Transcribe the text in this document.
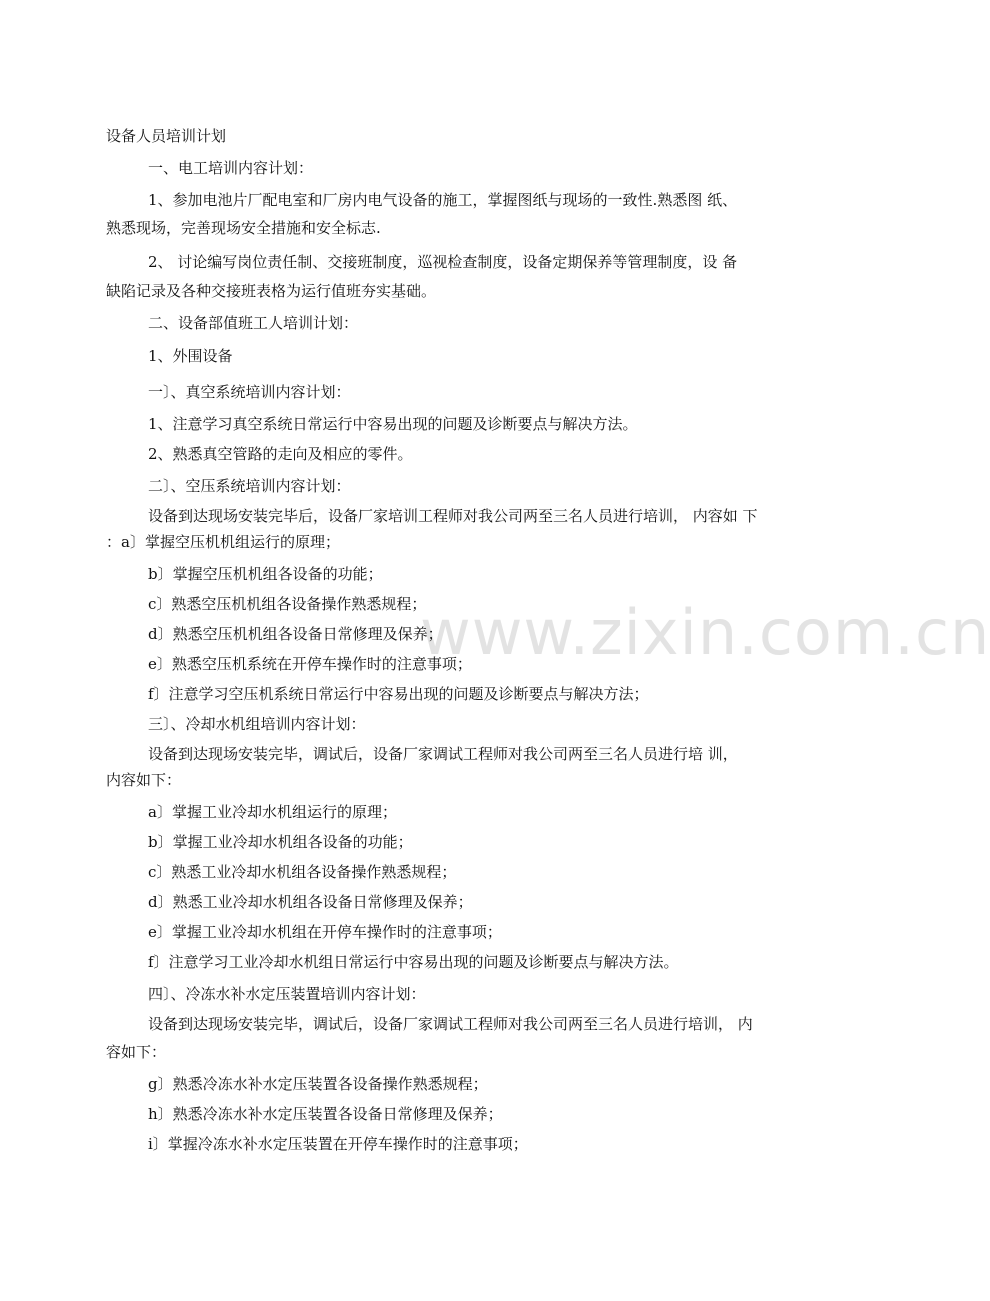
www.zixin.com.cn
设备人员培训计划
一、电工培训内容计划：
1、参加电池片厂配电室和厂房内电气设备的施工，掌握图纸与现场的一致性.熟悉图 纸、
熟悉现场，完善现场安全措施和安全标志.
2、 讨论编写岗位责任制、交接班制度，巡视检查制度，设备定期保养等管理制度，设 备
缺陷记录及各种交接班表格为运行值班夯实基础。
二、设备部值班工人培训计划：
1、外围设备
一〕、真空系统培训内容计划：
1、注意学习真空系统日常运行中容易出现的问题及诊断要点与解决方法。
2、熟悉真空管路的走向及相应的零件。
二〕、空压系统培训内容计划：
设备到达现场安装完毕后，设备厂家培训工程师对我公司两至三名人员进行培训， 内容如 下
：a〕掌握空压机机组运行的原理；
b〕掌握空压机机组各设备的功能；
c〕熟悉空压机机组各设备操作熟悉规程；
d〕熟悉空压机机组各设备日常修理及保养；
e〕熟悉空压机系统在开停车操作时的注意事项；
f〕注意学习空压机系统日常运行中容易出现的问题及诊断要点与解决方法；
三〕、冷却水机组培训内容计划：
设备到达现场安装完毕，调试后，设备厂家调试工程师对我公司两至三名人员进行培 训，
内容如下：
a〕掌握工业冷却水机组运行的原理；
b〕掌握工业冷却水机组各设备的功能；
c〕熟悉工业冷却水机组各设备操作熟悉规程；
d〕熟悉工业冷却水机组各设备日常修理及保养；
e〕掌握工业冷却水机组在开停车操作时的注意事项；
f〕注意学习工业冷却水机组日常运行中容易出现的问题及诊断要点与解决方法。
四〕、冷冻水补水定压装置培训内容计划：
设备到达现场安装完毕，调试后，设备厂家调试工程师对我公司两至三名人员进行培训， 内
容如下：
g〕熟悉冷冻水补水定压装置各设备操作熟悉规程；
h〕熟悉冷冻水补水定压装置各设备日常修理及保养；
i〕掌握冷冻水补水定压装置在开停车操作时的注意事项；
